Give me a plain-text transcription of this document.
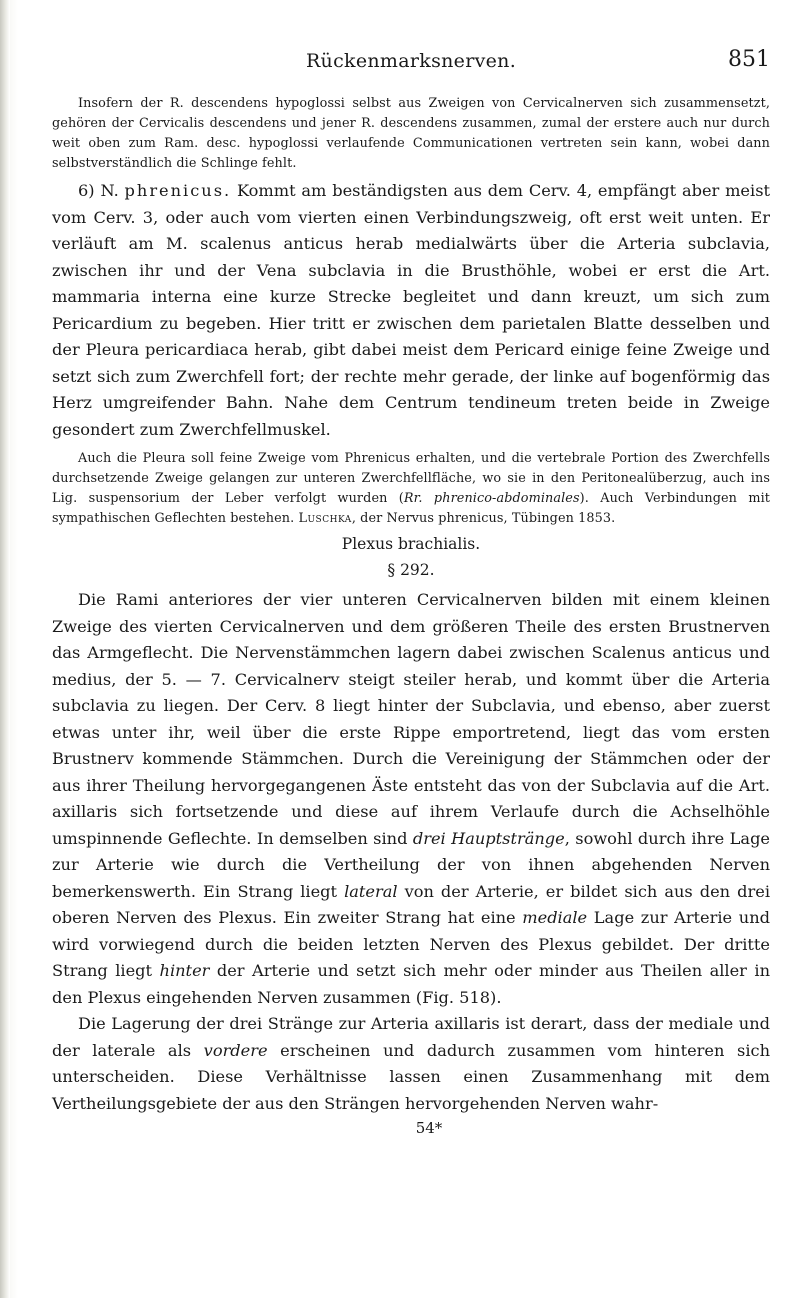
Rückenmarksnerven.	851

Insofern der R. descendens hypoglossi selbst aus Zweigen von Cervicalnerven sich zusammensetzt, gehören der Cervicalis descendens und jener R. descendens zusammen, zumal der erstere auch nur durch weit oben zum Ram. desc. hypoglossi verlaufende Communicationen vertreten sein kann, wobei dann selbstverständlich die Schlinge fehlt.

6) N. phrenicus. Kommt am beständigsten aus dem Cerv. 4, empfängt aber meist vom Cerv. 3, oder auch vom vierten einen Verbindungszweig, oft erst weit unten. Er verläuft am M. scalenus anticus herab medialwärts über die Arteria subclavia, zwischen ihr und der Vena subclavia in die Brusthöhle, wobei er erst die Art. mammaria interna eine kurze Strecke begleitet und dann kreuzt, um sich zum Pericardium zu begeben. Hier tritt er zwischen dem parietalen Blatte desselben und der Pleura pericardiaca herab, gibt dabei meist dem Pericard einige feine Zweige und setzt sich zum Zwerchfell fort; der rechte mehr gerade, der linke auf bogenförmig das Herz umgreifender Bahn. Nahe dem Centrum tendineum treten beide in Zweige gesondert zum Zwerchfellmuskel.

Auch die Pleura soll feine Zweige vom Phrenicus erhalten, und die vertebrale Portion des Zwerchfells durchsetzende Zweige gelangen zur unteren Zwerchfellfläche, wo sie in den Peritonealüberzug, auch ins Lig. suspensorium der Leber verfolgt wurden (Rr. phrenico-abdominales). Auch Verbindungen mit sympathischen Geflechten bestehen. Luschka, der Nervus phrenicus, Tübingen 1853.

Plexus brachialis.

§ 292.

Die Rami anteriores der vier unteren Cervicalnerven bilden mit einem kleinen Zweige des vierten Cervicalnerven und dem größeren Theile des ersten Brustnerven das Armgeflecht. Die Nervenstämmchen lagern dabei zwischen Scalenus anticus und medius, der 5. — 7. Cervicalnerv steigt steiler herab, und kommt über die Arteria subclavia zu liegen. Der Cerv. 8 liegt hinter der Subclavia, und ebenso, aber zuerst etwas unter ihr, weil über die erste Rippe emportretend, liegt das vom ersten Brustnerv kommende Stämmchen. Durch die Vereinigung der Stämmchen oder der aus ihrer Theilung hervorgegangenen Äste entsteht das von der Subclavia auf die Art. axillaris sich fortsetzende und diese auf ihrem Verlaufe durch die Achselhöhle umspinnende Geflechte. In demselben sind drei Hauptstränge, sowohl durch ihre Lage zur Arterie wie durch die Vertheilung der von ihnen abgehenden Nerven bemerkenswerth. Ein Strang liegt lateral von der Arterie, er bildet sich aus den drei oberen Nerven des Plexus. Ein zweiter Strang hat eine mediale Lage zur Arterie und wird vorwiegend durch die beiden letzten Nerven des Plexus gebildet. Der dritte Strang liegt hinter der Arterie und setzt sich mehr oder minder aus Theilen aller in den Plexus eingehenden Nerven zusammen (Fig. 518).

Die Lagerung der drei Stränge zur Arteria axillaris ist derart, dass der mediale und der laterale als vordere erscheinen und dadurch zusammen vom hinteren sich unterscheiden. Diese Verhältnisse lassen einen Zusammenhang mit dem Vertheilungsgebiete der aus den Strängen hervorgehenden Nerven wahr-

54*
